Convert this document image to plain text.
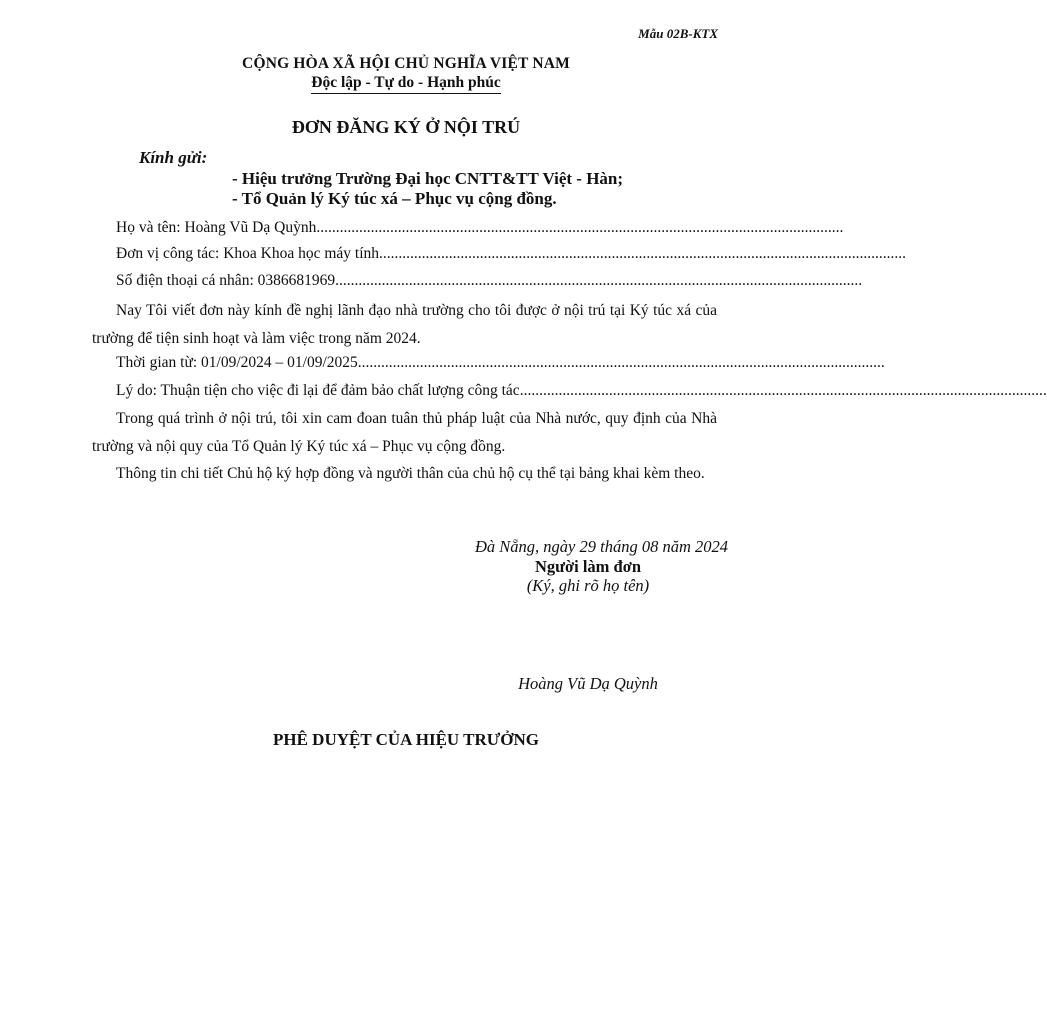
Mẫu 02B-KTX
CỘNG HÒA XÃ HỘI CHỦ NGHĨA VIỆT NAM
Độc lập - Tự do - Hạnh phúc
ĐƠN ĐĂNG KÝ Ở NỘI TRÚ
Kính gửi:
- Hiệu trưởng Trường Đại học CNTT&TT Việt - Hàn;
- Tổ Quản lý Ký túc xá – Phục vụ cộng đồng.
Họ và tên: Hoàng Vũ Dạ Quỳnh ........................................................................................................................................
Đơn vị công tác: Khoa Khoa học máy tính ........................................................................................................................................
Số điện thoại cá nhân: 0386681969 ........................................................................................................................................
Nay Tôi viết đơn này kính đề nghị lãnh đạo nhà trường cho tôi được ở nội trú tại Ký túc xá của trường để tiện sinh hoạt và làm việc trong năm 2024.
Thời gian từ: 01/09/2024 – 01/09/2025 ........................................................................................................................................
Lý do: Thuận tiện cho việc đi lại để đảm bảo chất lượng công tác ........................................................................................................................................
Trong quá trình ở nội trú, tôi xin cam đoan tuân thủ pháp luật của Nhà nước, quy định của Nhà trường và nội quy của Tổ Quản lý Ký túc xá – Phục vụ cộng đồng.
Thông tin chi tiết Chủ hộ ký hợp đồng và người thân của chủ hộ cụ thể tại bảng khai kèm theo.
Đà Nẵng, ngày 29 tháng 08 năm 2024
Người làm đơn
(Ký, ghi rõ họ tên)
Hoàng Vũ Dạ Quỳnh
PHÊ DUYỆT CỦA HIỆU TRƯỞNG
